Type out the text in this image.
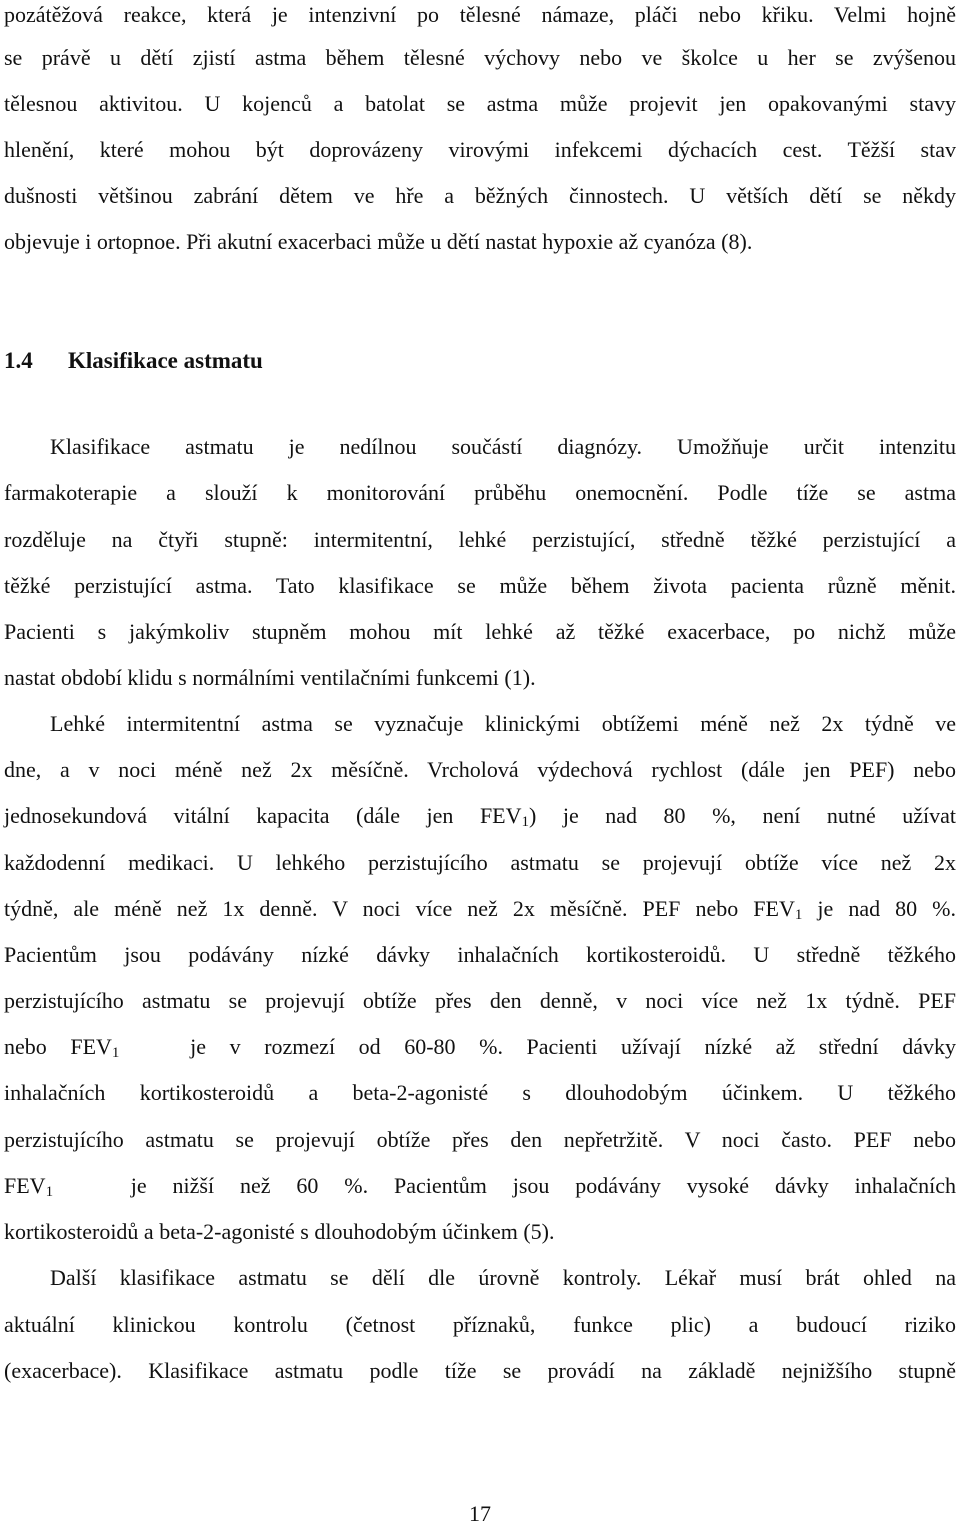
pozátěžová reakce, která je intenzivní po tělesné námaze, pláči nebo křiku. Velmi hojně
se právě u dětí zjistí astma během tělesné výchovy nebo ve školce u her se zvýšenou
tělesnou aktivitou. U kojenců a batolat se astma může projevit jen opakovanými stavy
hlenění, které mohou být doprovázeny virovými infekcemi dýchacích cest. Těžší stav
dušnosti většinou zabrání dětem ve hře a běžných činnostech. U větších dětí se někdy
objevuje i ortopnoe. Při akutní exacerbaci může u dětí nastat hypoxie až cyanóza (8).
1.4 Klasifikace astmatu
Klasifikace astmatu je nedílnou součástí diagnózy. Umožňuje určit intenzitu
farmakoterapie a slouží k monitorování průběhu onemocnění. Podle tíže se astma
rozděluje na čtyři stupně: intermitentní, lehké perzistující, středně těžké perzistující a
těžké perzistující astma. Tato klasifikace se může během života pacienta různě měnit.
Pacienti s jakýmkoliv stupněm mohou mít lehké až těžké exacerbace, po nichž může
nastat období klidu s normálními ventilačními funkcemi (1).
Lehké intermitentní astma se vyznačuje klinickými obtížemi méně než 2x týdně ve
dne, a v noci méně než 2x měsíčně. Vrcholová výdechová rychlost (dále jen PEF) nebo
jednosekundová vitální kapacita (dále jen $FEV_1$) je nad 80 %, není nutné užívat
každodenní medikaci. U lehkého perzistujícího astmatu se projevují obtíže více než 2x
týdně, ale méně než 1x denně. V noci více než 2x měsíčně. PEF nebo $FEV_1$ je nad 80 %.
Pacientům jsou podávány nízké dávky inhalačních kortikosteroidů. U středně těžkého
perzistujícího astmatu se projevují obtíže přes den denně, v noci více než 1x týdně. PEF
nebo $FEV_1$   je v rozmezí od 60-80 %. Pacienti užívají nízké až střední dávky
inhalačních kortikosteroidů a beta-2-agonisté s dlouhodobým účinkem. U těžkého
perzistujícího astmatu se projevují obtíže přes den nepřetržitě. V noci často. PEF nebo
$FEV_1$   je nižší než 60 %. Pacientům jsou podávány vysoké dávky inhalačních
kortikosteroidů a beta-2-agonisté s dlouhodobým účinkem (5).
Další klasifikace astmatu se dělí dle úrovně kontroly. Lékař musí brát ohled na
aktuální klinickou kontrolu (četnost příznaků, funkce plic) a budoucí riziko
(exacerbace). Klasifikace astmatu podle tíže se provádí na základě nejnižšího stupně
17
